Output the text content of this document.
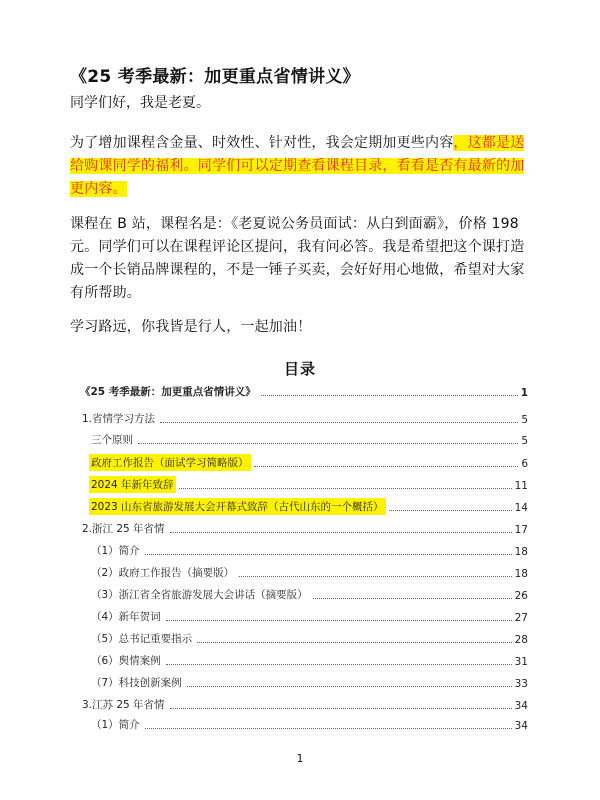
《25 考季最新：加更重点省情讲义》

同学们好，我是老夏。

为了增加课程含金量、时效性、针对性，我会定期加更些内容，这都是送给购课同学的福利。同学们可以定期查看课程目录，看看是否有最新的加更内容。

课程在 B 站，课程名是：《老夏说公务员面试：从白到面霸》，价格 198 元。同学们可以在课程评论区提问，我有问必答。我是希望把这个课打造成一个长销品牌课程的，不是一锤子买卖，会好好用心地做，希望对大家有所帮助。

学习路远，你我皆是行人，一起加油！

目录
《25 考季最新：加更重点省情讲义》	1
1.省情学习方法	5
三个原则	5
政府工作报告（面试学习简略版）	6
2024 年新年致辞	11
2023 山东省旅游发展大会开幕式致辞（古代山东的一个概括）	14
2.浙江 25 年省情	17
（1）简介	18
（2）政府工作报告（摘要版）	18
（3）浙江省全省旅游发展大会讲话（摘要版）	26
（4）新年贺词	27
（5）总书记重要指示	28
（6）舆情案例	31
（7）科技创新案例	33
3.江苏 25 年省情	34
（1）简介	34

1
